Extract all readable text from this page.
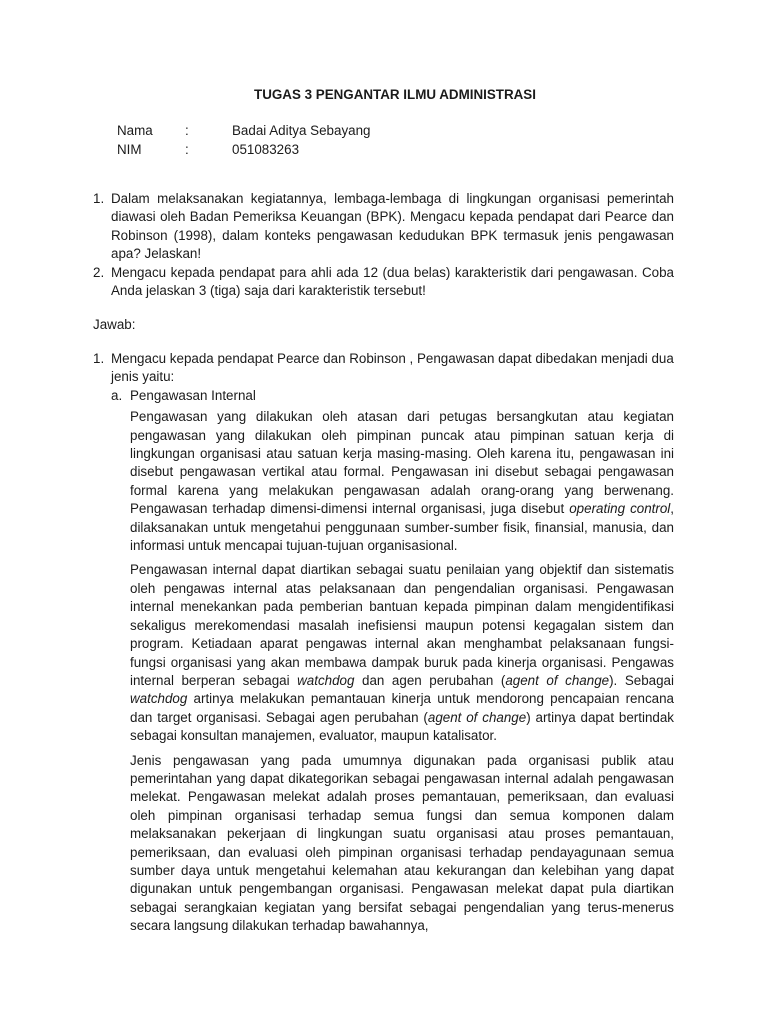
TUGAS 3 PENGANTAR ILMU ADMINISTRASI
Nama :	Badai Aditya Sebayang
NIM	:	051083263
1. Dalam melaksanakan kegiatannya, lembaga-lembaga di lingkungan organisasi pemerintah diawasi oleh Badan Pemeriksa Keuangan (BPK). Mengacu kepada pendapat dari Pearce dan Robinson (1998), dalam konteks pengawasan kedudukan BPK termasuk jenis pengawasan apa? Jelaskan!
2. Mengacu kepada pendapat para ahli ada 12 (dua belas) karakteristik dari pengawasan. Coba Anda jelaskan 3 (tiga) saja dari karakteristik tersebut!
Jawab:
1. Mengacu kepada pendapat Pearce dan Robinson , Pengawasan dapat dibedakan menjadi dua jenis yaitu:
a. Pengawasan Internal
Pengawasan yang dilakukan oleh atasan dari petugas bersangkutan atau kegiatan pengawasan yang dilakukan oleh pimpinan puncak atau pimpinan satuan kerja di lingkungan organisasi atau satuan kerja masing-masing. Oleh karena itu, pengawasan ini disebut pengawasan vertikal atau formal. Pengawasan ini disebut sebagai pengawasan formal karena yang melakukan pengawasan adalah orang-orang yang berwenang. Pengawasan terhadap dimensi-dimensi internal organisasi, juga disebut operating control, dilaksanakan untuk mengetahui penggunaan sumber-sumber fisik, finansial, manusia, dan informasi untuk mencapai tujuan-tujuan organisasional.
Pengawasan internal dapat diartikan sebagai suatu penilaian yang objektif dan sistematis oleh pengawas internal atas pelaksanaan dan pengendalian organisasi. Pengawasan internal menekankan pada pemberian bantuan kepada pimpinan dalam mengidentifikasi sekaligus merekomendasi masalah inefisiensi maupun potensi kegagalan sistem dan program. Ketiadaan aparat pengawas internal akan menghambat pelaksanaan fungsi-fungsi organisasi yang akan membawa dampak buruk pada kinerja organisasi. Pengawas internal berperan sebagai watchdog dan agen perubahan (agent of change). Sebagai watchdog artinya melakukan pemantauan kinerja untuk mendorong pencapaian rencana dan target organisasi. Sebagai agen perubahan (agent of change) artinya dapat bertindak sebagai konsultan manajemen, evaluator, maupun katalisator.
Jenis pengawasan yang pada umumnya digunakan pada organisasi publik atau pemerintahan yang dapat dikategorikan sebagai pengawasan internal adalah pengawasan melekat. Pengawasan melekat adalah proses pemantauan, pemeriksaan, dan evaluasi oleh pimpinan organisasi terhadap semua fungsi dan semua komponen dalam melaksanakan pekerjaan di lingkungan suatu organisasi atau proses pemantauan, pemeriksaan, dan evaluasi oleh pimpinan organisasi terhadap pendayagunaan semua sumber daya untuk mengetahui kelemahan atau kekurangan dan kelebihan yang dapat digunakan untuk pengembangan organisasi. Pengawasan melekat dapat pula diartikan sebagai serangkaian kegiatan yang bersifat sebagai pengendalian yang terus-menerus secara langsung dilakukan terhadap bawahannya,
